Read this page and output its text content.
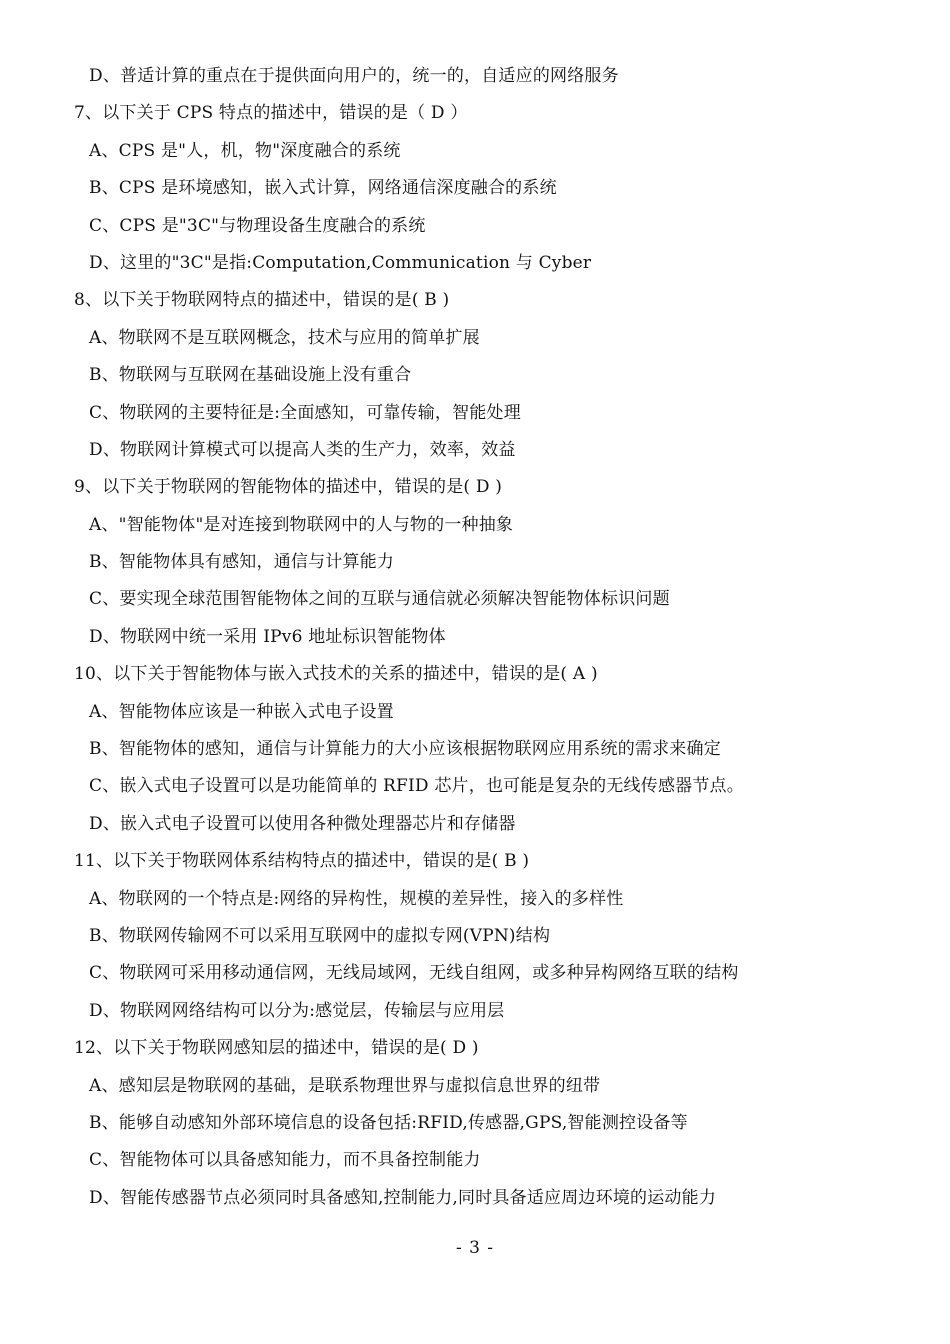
D、普适计算的重点在于提供面向用户的，统一的，自适应的网络服务
7、以下关于 CPS 特点的描述中，错误的是（ D ）
A、CPS 是"人，机，物"深度融合的系统
B、CPS 是环境感知，嵌入式计算，网络通信深度融合的系统
C、CPS 是"3C"与物理设备生度融合的系统
D、这里的"3C"是指:Computation,Communication 与 Cyber
8、以下关于物联网特点的描述中，错误的是( B )
A、物联网不是互联网概念，技术与应用的简单扩展
B、物联网与互联网在基础设施上没有重合
C、物联网的主要特征是:全面感知，可靠传输，智能处理
D、物联网计算模式可以提高人类的生产力，效率，效益
9、以下关于物联网的智能物体的描述中，错误的是( D )
A、"智能物体"是对连接到物联网中的人与物的一种抽象
B、智能物体具有感知，通信与计算能力
C、要实现全球范围智能物体之间的互联与通信就必须解决智能物体标识问题
D、物联网中统一采用 IPv6 地址标识智能物体
10、以下关于智能物体与嵌入式技术的关系的描述中，错误的是( A )
A、智能物体应该是一种嵌入式电子设置
B、智能物体的感知，通信与计算能力的大小应该根据物联网应用系统的需求来确定
C、嵌入式电子设置可以是功能简单的 RFID 芯片，也可能是复杂的无线传感器节点。
D、嵌入式电子设置可以使用各种微处理器芯片和存储器
11、以下关于物联网体系结构特点的描述中，错误的是( B )
A、物联网的一个特点是:网络的异构性，规模的差异性，接入的多样性
B、物联网传输网不可以采用互联网中的虚拟专网(VPN)结构
C、物联网可采用移动通信网，无线局域网，无线自组网，或多种异构网络互联的结构
D、物联网网络结构可以分为:感觉层，传输层与应用层
12、以下关于物联网感知层的描述中，错误的是( D )
A、感知层是物联网的基础，是联系物理世界与虚拟信息世界的纽带
B、能够自动感知外部环境信息的设备包括:RFID,传感器,GPS,智能测控设备等
C、智能物体可以具备感知能力，而不具备控制能力
D、智能传感器节点必须同时具备感知,控制能力,同时具备适应周边环境的运动能力
- 3 -
